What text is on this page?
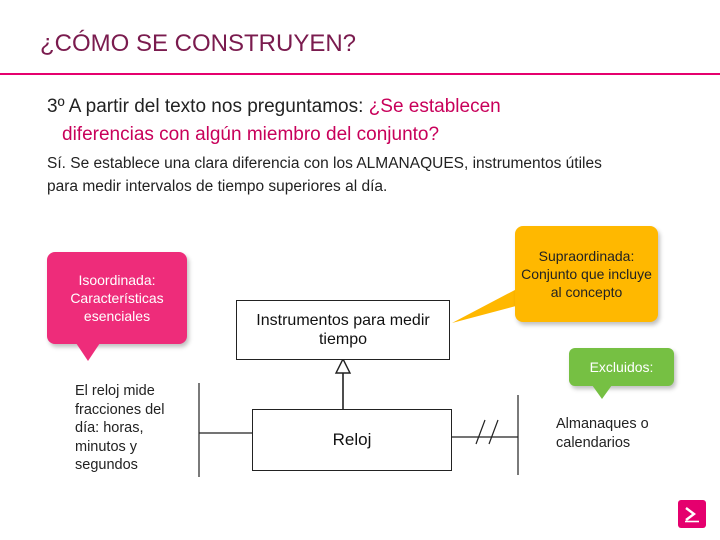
¿CÓMO SE CONSTRUYEN?
3º A partir del texto nos preguntamos: ¿Se establecen
diferencias con algún miembro del conjunto?
Sí. Se establece una clara diferencia con los ALMANAQUES, instrumentos útiles
para medir intervalos de tiempo superiores al día.
Isoordinada: Características esenciales	Instrumentos para medir tiempo
Reloj
Supraordinada: Conjunto que incluye al concepto
Excluidos:
El reloj mide fracciones del día: horas, minutos y segundos
Almanaques o calendarios
